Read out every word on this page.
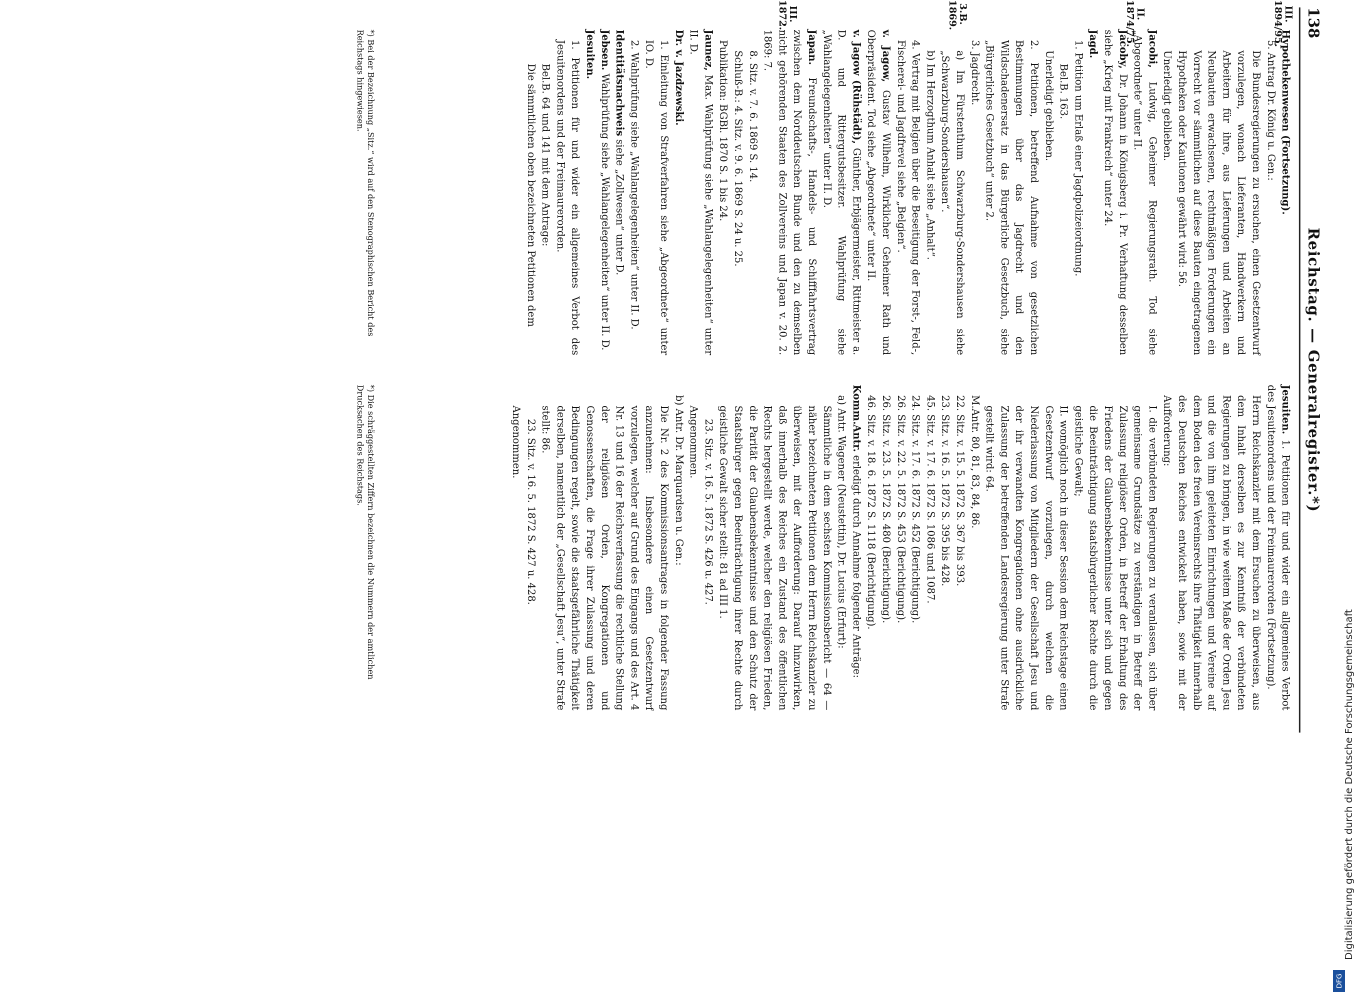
138
Reichstag. — Generalregister.*)
Hypothekenwesen (Fortsetzung).
5. Antrag Dr. König u. Gen.:
Die Bundesregierungen zu ersuchen, einen Gesetzentwurf vorzulegen, wonach Lieferanten, Handwerkern und Arbeitern für ihre, aus Lieferungen und Arbeiten an Neubauten erwachsenen, rechtmäßigen Forderungen ein Vorrecht vor sämmtlichen auf diese Bauten eingetragenen Hypotheken oder Kautionen gewährt wird: 56.
Unerledigt geblieben.
Jacobi, Ludwig, Geheimer Regierungsrath. Tod siehe „Abgeordnete“ unter II.
Jacoby, Dr. Johann in Königsberg i. Pr. Verhaftung desselben siehe „Krieg mit Frankreich“ unter 24.
Jagd.
1. Petition um Erlaß einer Jagdpolizeiordnung.
Bel.B. 163.
Unerledigt geblieben.
2. Petitionen, betreffend Aufnahme von gesetzlichen Bestimmungen über das Jagdrecht und den Wildschadenersatz in das Bürgerliche Gesetzbuch, siehe „Bürgerliches Gesetzbuch“ unter 2.
3. Jagdrecht.
a) Im Fürstenthum Schwarzburg-Sondershausen siehe „Schwarzburg-Sondershausen“.
b) Im Herzogthum Anhalt siehe „Anhalt“.
4. Vertrag mit Belgien über die Beseitigung der Forst-, Feld-, Fischerei- und Jagdfrevel siehe „Belgien“.
v. Jagow, Gustav Wilhelm, Wirklicher Geheimer Rath und Oberpräsident. Tod siehe „Abgeordnete“ unter II.
v. Jagow (Rühstädt), Günther, Erbjägermeister, Rittmeister a. D. und Rittergutsbesitzer. Wahlprüfung siehe „Wahlangelegenheiten“ unter II. D.
Japan. Freundschafts-, Handels- und Schifffahrtsvertrag zwischen dem Norddeutschen Bunde und den zu demselben nicht gehörenden Staaten des Zollvereins und Japan v. 20. 2. 1869: 7.
8. Sitz. v. 7. 6. 1869 S. 14.
Schluß-B.: 4. Sitz. v. 9. 6. 1869 S. 24 u. 25.
Publikation: BGBl. 1870 S. 1 bis 24.
Jaunez, Max. Wahlprüfung siehe „Wahlangelegenheiten“ unter II. D.
Dr. v. Jazdzewski.
1. Einleitung von Strafverfahren siehe „Abgeordnete“ unter IO. D.
2. Wahlprüfung siehe „Wahlangelegenheiten“ unter II. D.
Identitätsnachweis siehe „Zollwesen“ unter D.
Jebsen. Wahlprüfung siehe „Wahlangelegenheiten“ unter II. D.
Jesuiten.
1. Petitionen für und wider ein allgemeines Verbot des Jesuitenordens und der Freimaurerorden.
Bel.B. 64 und 141 mit dem Antrage:
Die sämmtlichen oben bezeichneten Petitionen dem
Jesuiten. 1. Petitionen für und wider ein allgemeines Verbot des Jesuitenordens und der Freimaurerorden (Fortsetzung).
Herrn Reichskanzler mit dem Ersuchen zu überweisen, aus dem Inhalt derselben es zur Kenntniß der verbündeten Regierungen zu bringen, in wie weitem Maße der Orden Jesu und die von ihm geleiteten Einrichtungen und Vereine auf dem Boden des freien Vereinsrechts ihre Thätigkeit innerhalb des Deutschen Reiches entwickelt haben, sowie mit der Aufforderung:
I. die verbündeten Regierungen zu veranlassen, sich über gemeinsame Grundsätze zu verständigen in Betreff der Zulassung religiöser Orden, in Betreff der Erhaltung des Friedens der Glaubensbekenntnisse unter sich und gegen die Beeinträchtigung staatsbürgerlicher Rechte durch die geistliche Gewalt;
II. womöglich noch in dieser Session dem Reichstage einen Gesetzentwurf vorzulegen, durch welchen die Niederlassung von Mitgliedern der Gesellschaft Jesu und der ihr verwandten Kongregationen ohne ausdrückliche Zulassung der betreffenden Landesregierung unter Strafe gestellt wird: 64.
M.Antr. 80, 81, 83, 84, 86.
22. Sitz. v. 15. 5. 1872 S. 367 bis 393.
23. Sitz. v. 16. 5. 1872 S. 395 bis 428.
45. Sitz. v. 17. 6. 1872 S. 1086 und 1087.
24. Sitz. v. 17. 6. 1872 S. 452 (Berichtigung).
26. Sitz. v. 22. 5. 1872 S. 453 (Berichtigung).
26. Sitz. v. 23. 5. 1872 S. 480 (Berichtigung).
46. Sitz. v. 18. 6. 1872 S. 1118 (Berichtigung).
Komm.Antr. erledigt durch Annahme folgender Anträge:
a) Antr. Wagener (Neustettin), Dr. Lucius (Erfurt):
Sämmtliche in dem sechsten Kommissionsbericht — 64 — näher bezeichneten Petitionen dem Herrn Reichskanzler zu überweisen, mit der Aufforderung: Darauf hinzuwirken, daß innerhalb des Reiches ein Zustand des öffentlichen Rechts hergestellt werde, welcher den religiösen Frieden, die Parität der Glaubensbekenntnisse und den Schutz der Staatsbürger gegen Beeinträchtigung ihrer Rechte durch geistliche Gewalt sicher stellt: 81 ad III 1.
23. Sitz. v. 16. 5. 1872 S. 426 u. 427.
Angenommen.
b) Antr. Dr. Marquardsen u. Gen.:
Die Nr. 2 des Kommissionsantrages in folgender Fassung anzunehmen: Insbesondere einen Gesetzentwurf vorzulegen, welcher auf Grund des Eingangs und des Art. 4 Nr. 13 und 16 der Reichsverfassung die rechtliche Stellung der religiösen Orden, Kongregationen und Genossenschaften, die Frage ihrer Zulassung und deren Bedingungen regelt, sowie die staatsgefährliche Thätigkeit derselben, namentlich der „Gesellschaft Jesu“, unter Strafe stellt: 86.
23. Sitz. v. 16. 5. 1872 S. 427 u. 428.
Angenommen.
III. 1894/95.
II. 1874/75.
3.B. 1869.
III. 1872.
*) Bei der Bezeichnung „Sitz.“ wird auf den Stenographischen Bericht des Reichstags hingewiesen.
*) Die schräggestellten Ziffern bezeichnen die Nummern der amtlichen Drucksachen des Reichstags.
Digitalisierung gefördert durch die Deutsche Forschungsgemeinschaft
DFG
